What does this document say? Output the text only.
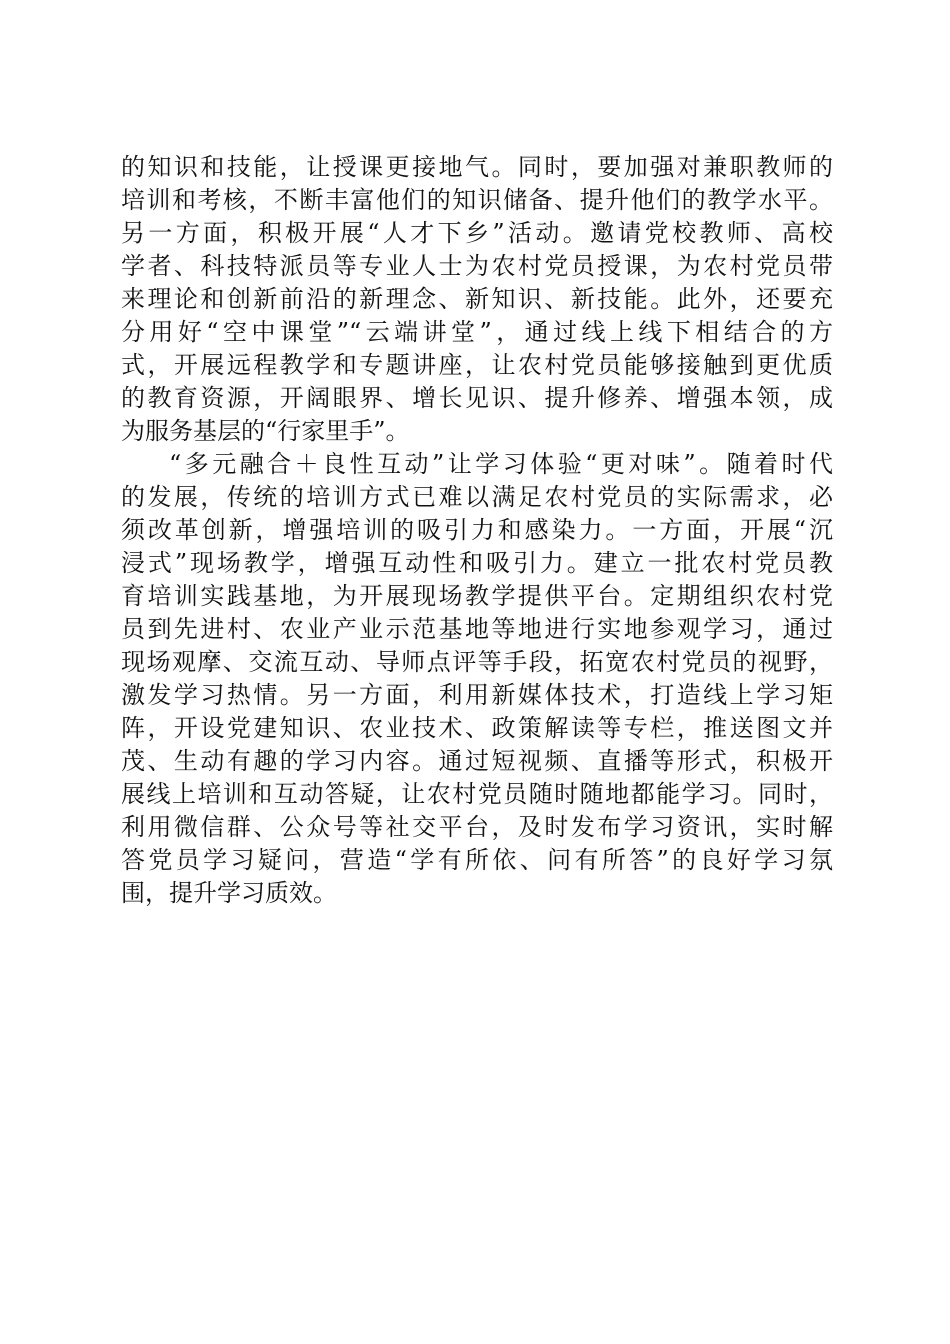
的知识和技能，让授课更接地气。同时，要加强对兼职教师的
培训和考核，不断丰富他们的知识储备、提升他们的教学水平。
另一方面，积极开展“人才下乡”活动。邀请党校教师、高校
学者、科技特派员等专业人士为农村党员授课，为农村党员带
来理论和创新前沿的新理念、新知识、新技能。此外，还要充
分用好“空中课堂”“云端讲堂”，通过线上线下相结合的方
式，开展远程教学和专题讲座，让农村党员能够接触到更优质
的教育资源，开阔眼界、增长见识、提升修养、增强本领，成
为服务基层的“行家里手”。
“多元融合＋良性互动”让学习体验“更对味”。随着时代
的发展，传统的培训方式已难以满足农村党员的实际需求，必
须改革创新，增强培训的吸引力和感染力。一方面，开展“沉
浸式”现场教学，增强互动性和吸引力。建立一批农村党员教
育培训实践基地，为开展现场教学提供平台。定期组织农村党
员到先进村、农业产业示范基地等地进行实地参观学习，通过
现场观摩、交流互动、导师点评等手段，拓宽农村党员的视野，
激发学习热情。另一方面，利用新媒体技术，打造线上学习矩
阵，开设党建知识、农业技术、政策解读等专栏，推送图文并
茂、生动有趣的学习内容。通过短视频、直播等形式，积极开
展线上培训和互动答疑，让农村党员随时随地都能学习。同时，
利用微信群、公众号等社交平台，及时发布学习资讯，实时解
答党员学习疑问，营造“学有所依、问有所答”的良好学习氛
围，提升学习质效。
